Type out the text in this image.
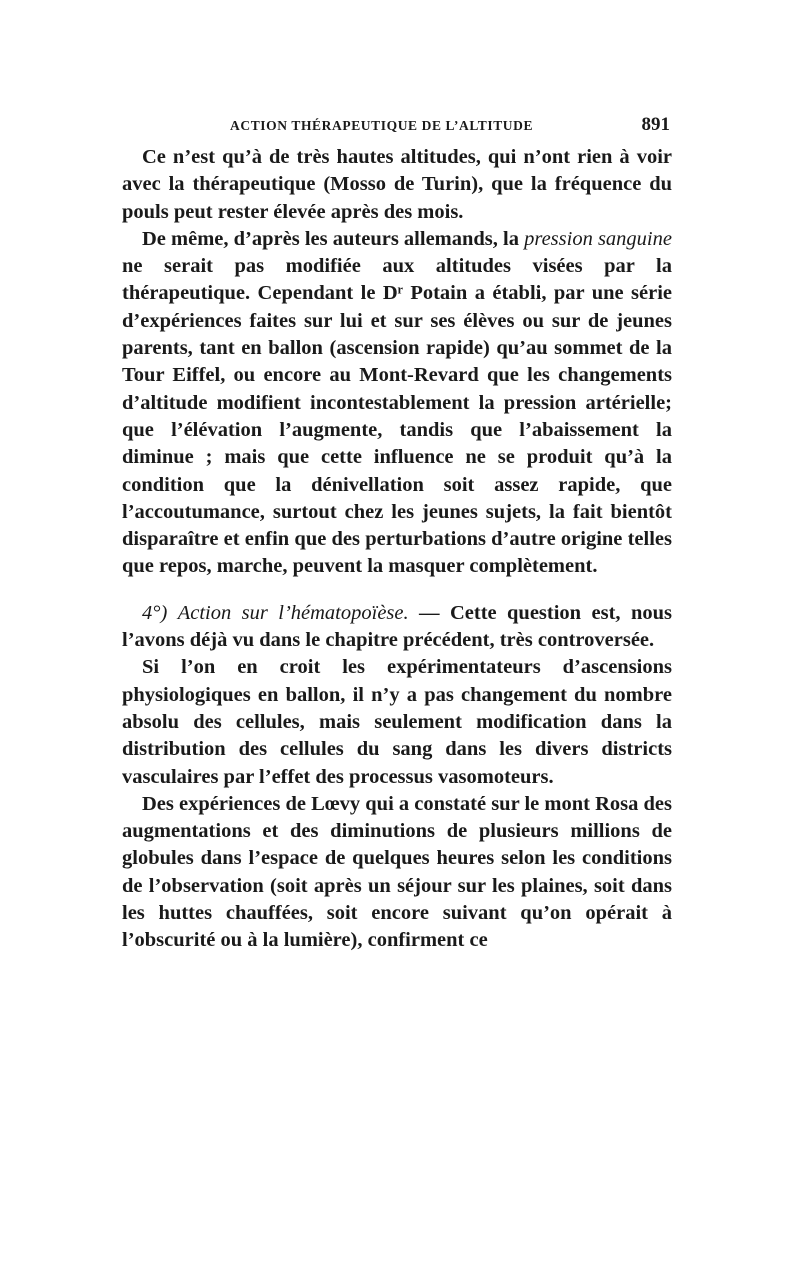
ACTION THÉRAPEUTIQUE DE L’ALTITUDE	891

Ce n’est qu’à de très hautes altitudes, qui n’ont rien à voir avec la thérapeutique (Mosso de Turin), que la fréquence du pouls peut rester élevée après des mois.

De même, d’après les auteurs allemands, la pression sanguine ne serait pas modifiée aux altitudes visées par la thérapeutique. Cependant le Dʳ Potain a établi, par une série d’expériences faites sur lui et sur ses élèves ou sur de jeunes parents, tant en ballon (ascension rapide) qu’au sommet de la Tour Eiffel, ou encore au Mont-Revard que les changements d’altitude modifient incontestablement la pression artérielle; que l’élévation l’augmente, tandis que l’abaissement la diminue ; mais que cette influence ne se produit qu’à la condition que la dénivellation soit assez rapide, que l’accoutumance, surtout chez les jeunes sujets, la fait bientôt disparaître et enfin que des perturbations d’autre origine telles que repos, marche, peuvent la masquer complètement.

4°) Action sur l’hématopoïèse. — Cette question est, nous l’avons déjà vu dans le chapitre précédent, très controversée.

Si l’on en croit les expérimentateurs d’ascensions physiologiques en ballon, il n’y a pas changement du nombre absolu des cellules, mais seulement modification dans la distribution des cellules du sang dans les divers districts vasculaires par l’effet des processus vasomoteurs.

Des expériences de Lœvy qui a constaté sur le mont Rosa des augmentations et des diminutions de plusieurs millions de globules dans l’espace de quelques heures selon les conditions de l’observation (soit après un séjour sur les plaines, soit dans les huttes chauffées, soit encore suivant qu’on opérait à l’obscurité ou à la lumière), confirment ce
